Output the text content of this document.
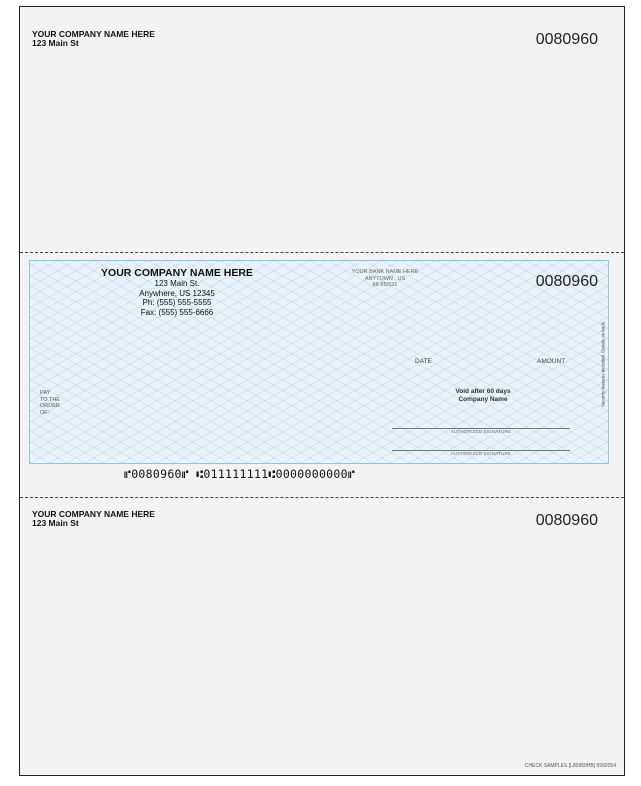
YOUR COMPANY NAME HERE
123 Main St	0080960
YOUR COMPANY NAME HERE
123 Main St.
Anywhere, US 12345
Ph: (555) 555-5555
Fax: (555) 555-6666
YOUR BANK NAME HERE
ANYTOWN , US
68-85/531	0080960
DATE	AMOUNT
PAY
TO THE
ORDER
OF:
Void after 60 days
Company Name
AUTHORIZED SIGNATURE
AUTHORIZED SIGNATURE
Security features included. Details on back.
⑈0080960⑈ ⑆011111111⑆0000000000⑈
YOUR COMPANY NAME HERE
123 Main St	0080960
CHECK SAMPLES [L80960HB] 5992054
